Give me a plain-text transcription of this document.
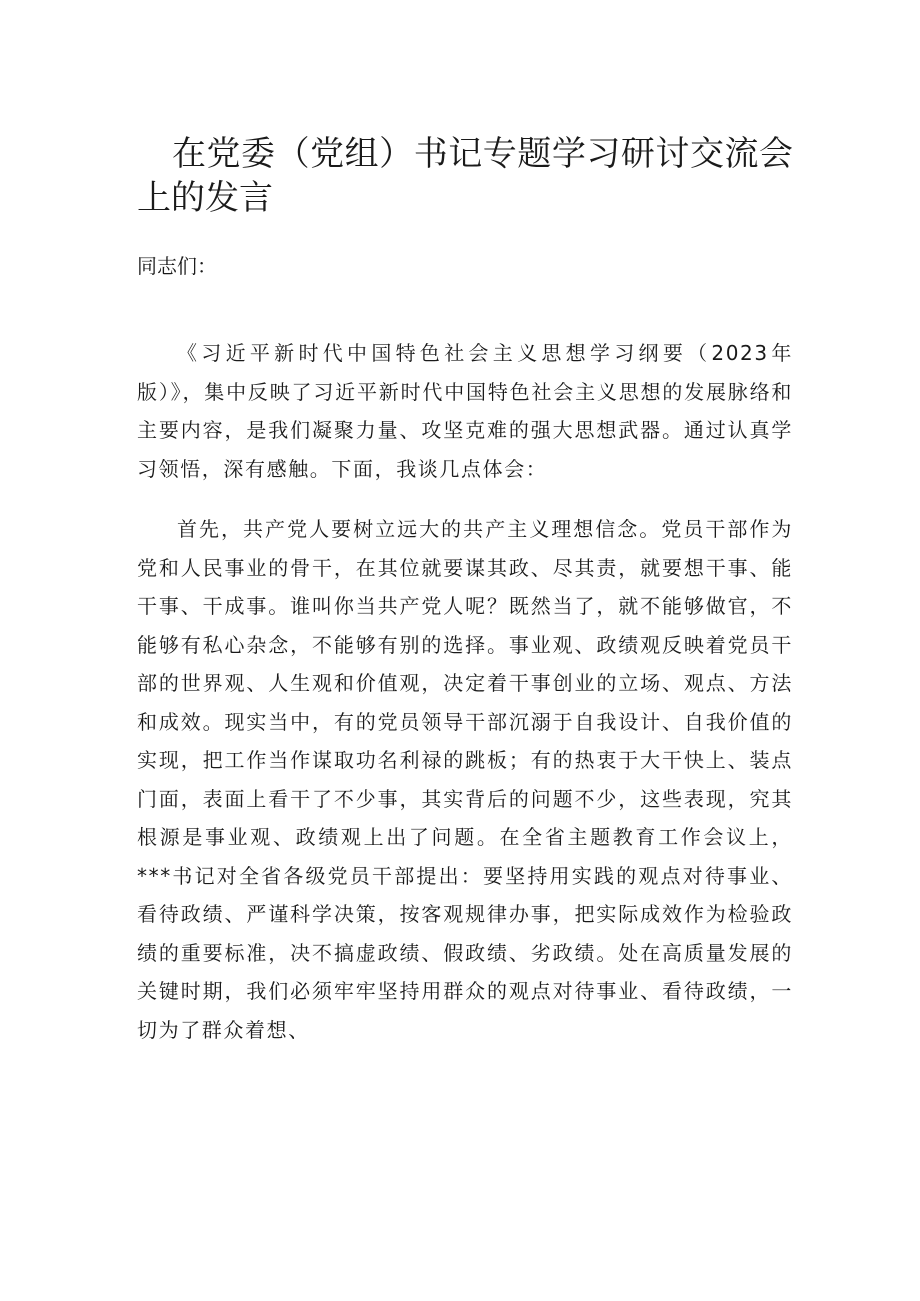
在党委（党组）书记专题学习研讨交流会上的发言

同志们：

《习近平新时代中国特色社会主义思想学习纲要（2023年版）》，集中反映了习近平新时代中国特色社会主义思想的发展脉络和主要内容，是我们凝聚力量、攻坚克难的强大思想武器。通过认真学习领悟，深有感触。下面，我谈几点体会：

首先，共产党人要树立远大的共产主义理想信念。党员干部作为党和人民事业的骨干，在其位就要谋其政、尽其责，就要想干事、能干事、干成事。谁叫你当共产党人呢？既然当了，就不能够做官，不能够有私心杂念，不能够有别的选择。事业观、政绩观反映着党员干部的世界观、人生观和价值观，决定着干事创业的立场、观点、方法和成效。现实当中，有的党员领导干部沉溺于自我设计、自我价值的实现，把工作当作谋取功名利禄的跳板；有的热衷于大干快上、装点门面，表面上看干了不少事，其实背后的问题不少，这些表现，究其根源是事业观、政绩观上出了问题。在全省主题教育工作会议上，***书记对全省各级党员干部提出：要坚持用实践的观点对待事业、看待政绩、严谨科学决策，按客观规律办事，把实际成效作为检验政绩的重要标准，决不搞虚政绩、假政绩、劣政绩。处在高质量发展的关键时期，我们必须牢牢坚持用群众的观点对待事业、看待政绩，一切为了群众着想、
